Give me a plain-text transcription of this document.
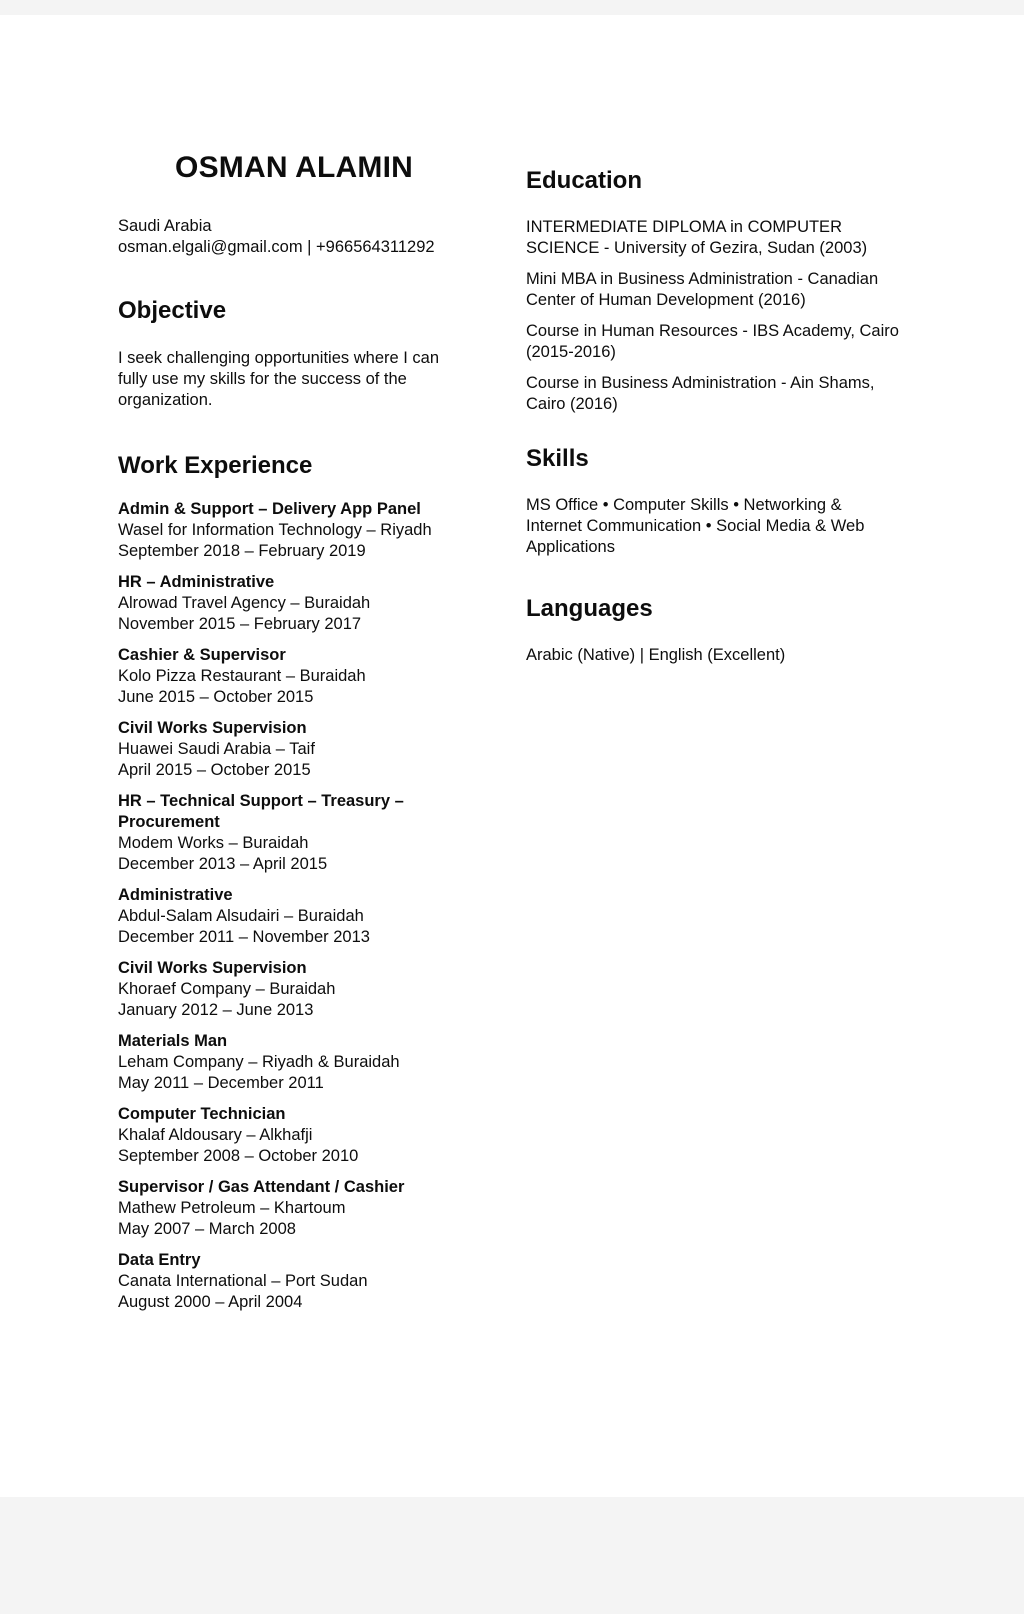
OSMAN ALAMIN

Saudi Arabia

osman.elgali@gmail.com | +966564311292

Objective

I seek challenging opportunities where I can fully use my skills for the success of the organization.

Work Experience
Admin & Support – Delivery App Panel
Wasel for Information Technology – Riyadh
September 2018 – February 2019
HR – Administrative
Alrowad Travel Agency – Buraidah
November 2015 – February 2017
Cashier & Supervisor
Kolo Pizza Restaurant – Buraidah
June 2015 – October 2015
Civil Works Supervision
Huawei Saudi Arabia – Taif
April 2015 – October 2015
HR – Technical Support – Treasury – Procurement
Modem Works – Buraidah
December 2013 – April 2015
Administrative
Abdul-Salam Alsudairi – Buraidah
December 2011 – November 2013
Civil Works Supervision
Khoraef Company – Buraidah
January 2012 – June 2013
Materials Man
Leham Company – Riyadh & Buraidah
May 2011 – December 2011
Computer Technician
Khalaf Aldousary – Alkhafji
September 2008 – October 2010
Supervisor / Gas Attendant / Cashier
Mathew Petroleum – Khartoum
May 2007 – March 2008
Data Entry
Canata International – Port Sudan
August 2000 – April 2004
Education

INTERMEDIATE DIPLOMA in COMPUTER SCIENCE - University of Gezira, Sudan (2003)

Mini MBA in Business Administration - Canadian Center of Human Development (2016)

Course in Human Resources - IBS Academy, Cairo (2015-2016)

Course in Business Administration - Ain Shams, Cairo (2016)

Skills

MS Office • Computer Skills • Networking & Internet Communication • Social Media & Web Applications

Languages

Arabic (Native) | English (Excellent)
